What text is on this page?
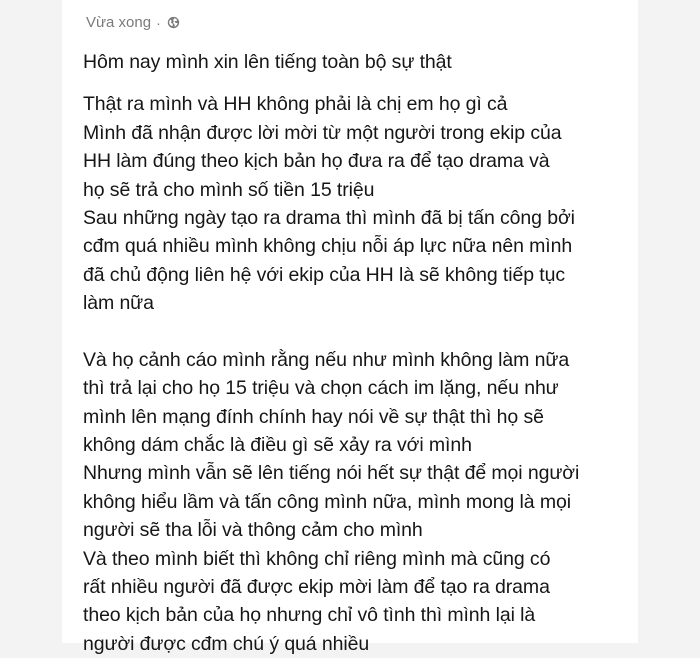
Vừa xong ·
Hôm nay mình xin lên tiếng toàn bộ sự thật
Thật ra mình và HH không phải là chị em họ gì cả
Mình đã nhận được lời mời từ một người trong ekip của
HH làm đúng theo kịch bản họ đưa ra để tạo drama và
họ sẽ trả cho mình số tiền 15 triệu
Sau những ngày tạo ra drama thì mình đã bị tấn công bởi
cđm quá nhiều mình không chịu nỗi áp lực nữa nên mình
đã chủ động liên hệ với ekip của HH là sẽ không tiếp tục
làm nữa
Và họ cảnh cáo mình rằng nếu như mình không làm nữa
thì trả lại cho họ 15 triệu và chọn cách im lặng, nếu như
mình lên mạng đính chính hay nói về sự thật thì họ sẽ
không dám chắc là điều gì sẽ xảy ra với mình
Nhưng mình vẫn sẽ lên tiếng nói hết sự thật để mọi người
không hiểu lầm và tấn công mình nữa, mình mong là mọi
người sẽ tha lỗi và thông cảm cho mình
Và theo mình biết thì không chỉ riêng mình mà cũng có
rất nhiều người đã được ekip mời làm để tạo ra drama
theo kịch bản của họ nhưng chỉ vô tình thì mình lại là
người được cđm chú ý quá nhiều
